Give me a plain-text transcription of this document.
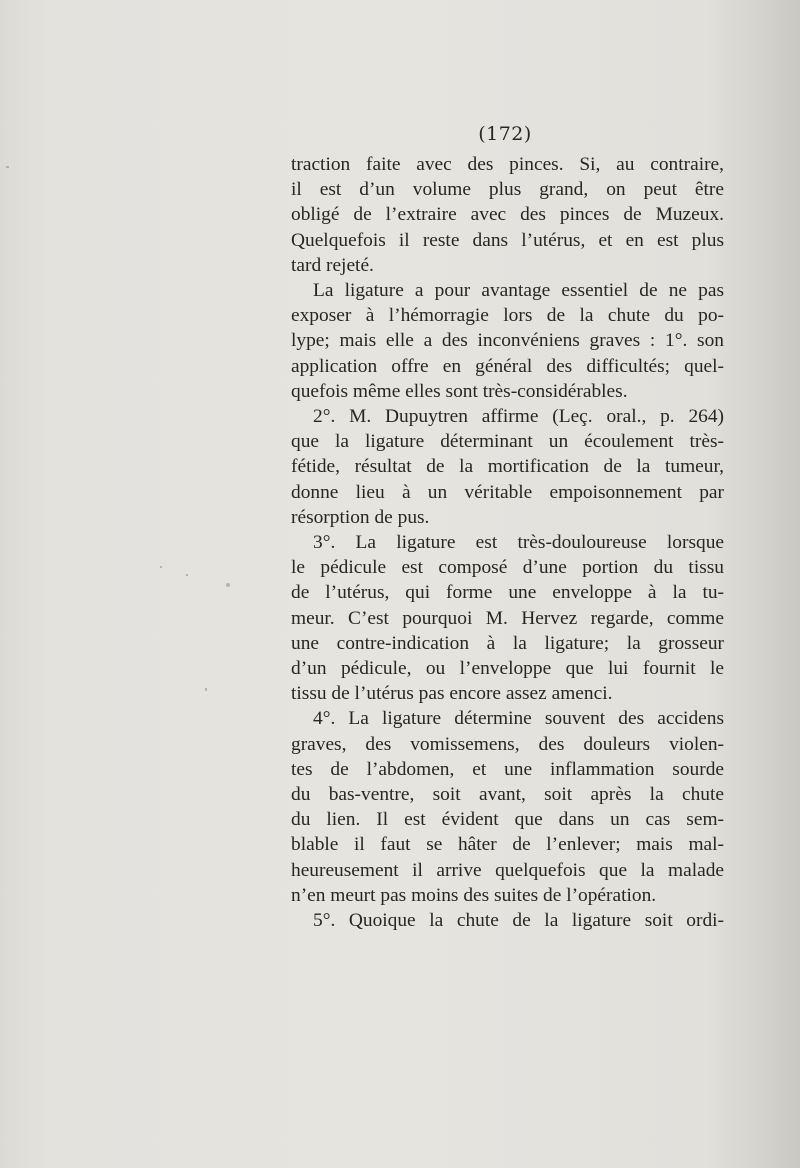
(172)

traction faite avec des pinces. Si, au contraire,
il est d’un volume plus grand, on peut être
obligé de l’extraire avec des pinces de Muzeux.
Quelquefois il reste dans l’utérus, et en est plus
tard rejeté.

La ligature a pour avantage essentiel de ne pas
exposer à l’hémorragie lors de la chute du po-
lype; mais elle a des inconvéniens graves : 1°. son
application offre en général des difficultés; quel-
quefois même elles sont très-considérables.

2°. M. Dupuytren affirme (Leç. oral., p. 264)
que la ligature déterminant un écoulement très-
fétide, résultat de la mortification de la tumeur,
donne lieu à un véritable empoisonnement par
résorption de pus.

3°. La ligature est très-douloureuse lorsque
le pédicule est composé d’une portion du tissu
de l’utérus, qui forme une enveloppe à la tu-
meur. C’est pourquoi M. Hervez regarde, comme
une contre-indication à la ligature; la grosseur
d’un pédicule, ou l’enveloppe que lui fournit le
tissu de l’utérus pas encore assez amenci.

4°. La ligature détermine souvent des accidens
graves, des vomissemens, des douleurs violen-
tes de l’abdomen, et une inflammation sourde
du bas-ventre, soit avant, soit après la chute
du lien. Il est évident que dans un cas sem-
blable il faut se hâter de l’enlever; mais mal-
heureusement il arrive quelquefois que la malade
n’en meurt pas moins des suites de l’opération.

5°. Quoique la chute de la ligature soit ordi-
